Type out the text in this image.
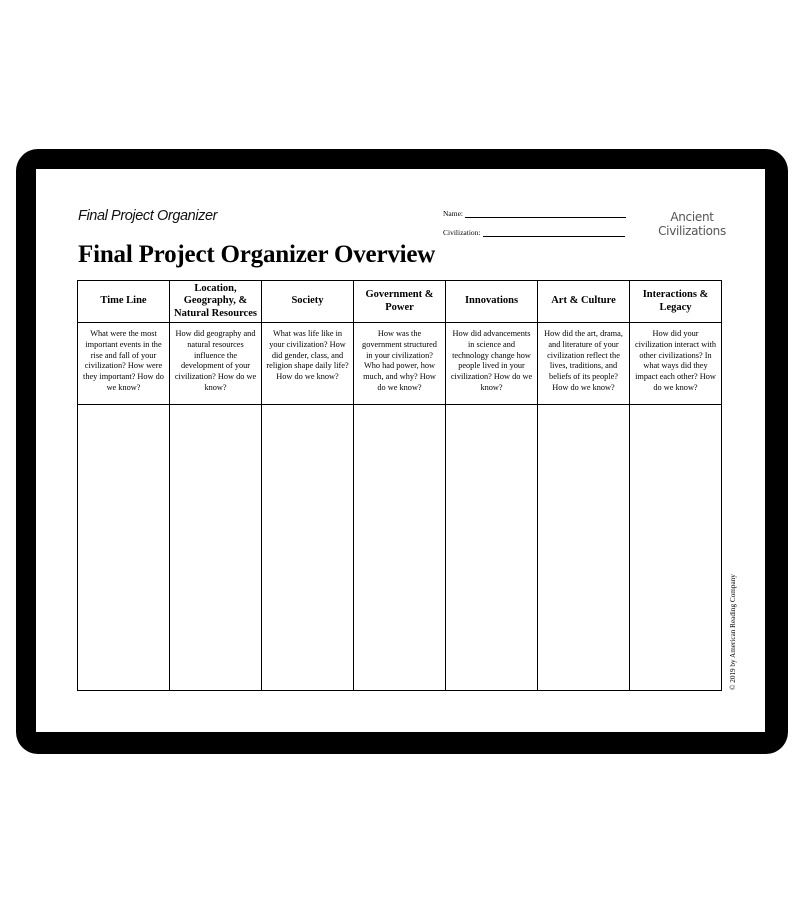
Final Project Organizer	Name:
Civilization:
Ancient
Civilizations
Final Project Organizer Overview
Time Line	Location, Geography, & Natural Resources	Society	Government & Power	Innovations	Art & Culture	Interactions & Legacy
What were the most important events in the rise and fall of your civilization? How were they important? How do we know?	How did geography and natural resources influence the development of your civilization? How do we know?	What was life like in your civilization? How did gender, class, and religion shape daily life? How do we know?	How was the government structured in your civilization? Who had power, how much, and why? How do we know?	How did advancements in science and technology change how people lived in your civilization? How do we know?	How did the art, drama, and literature of your civilization reflect the lives, traditions, and beliefs of its people? How do we know?	How did your civilization interact with other civilizations? In what ways did they impact each other? How do we know?

© 2019 by American Reading Company
